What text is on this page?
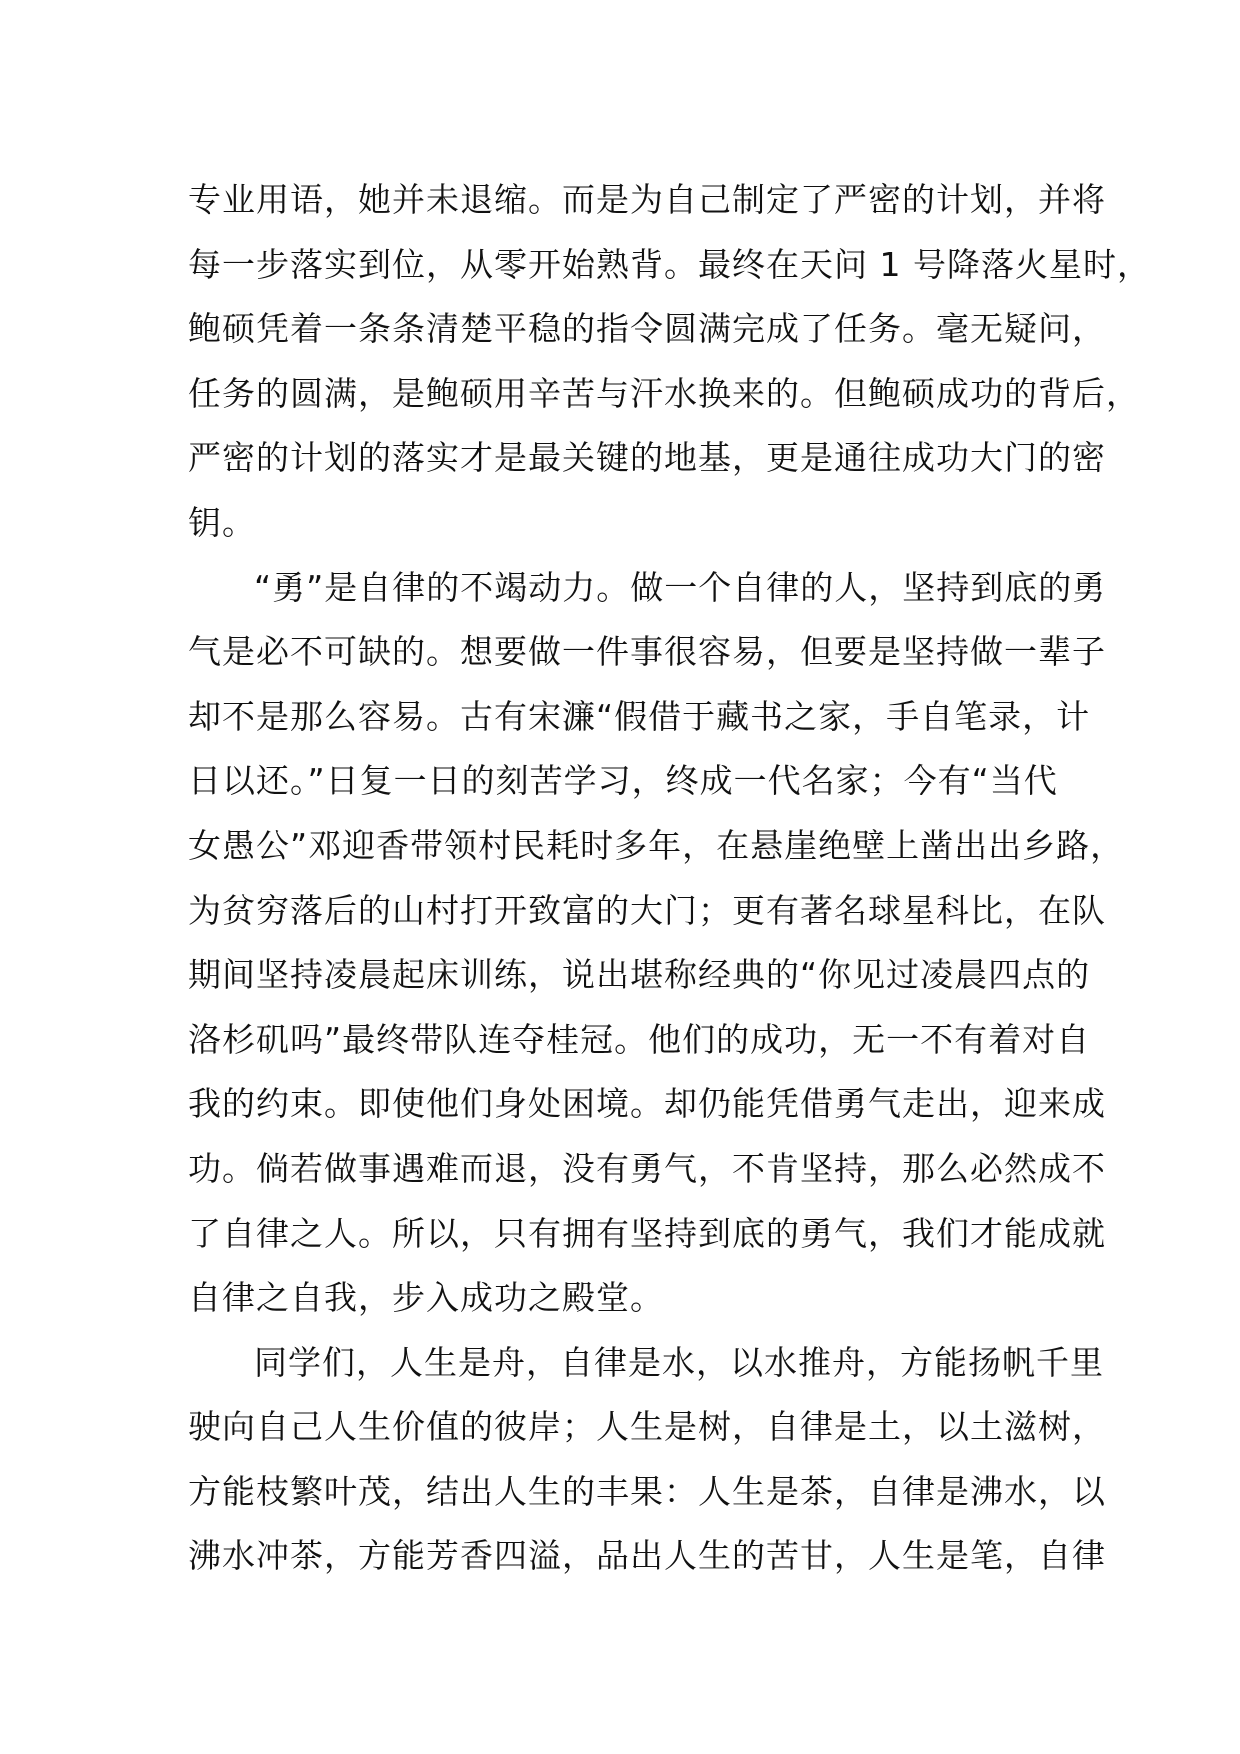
专业用语，她并未退缩。而是为自己制定了严密的计划，并将
每一步落实到位，从零开始熟背。最终在天问 1 号降落火星时，
鲍硕凭着一条条清楚平稳的指令圆满完成了任务。毫无疑问，
任务的圆满，是鲍硕用辛苦与汗水换来的。但鲍硕成功的背后，
严密的计划的落实才是最关键的地基，更是通往成功大门的密
钥。
“勇”是自律的不竭动力。做一个自律的人，坚持到底的勇
气是必不可缺的。想要做一件事很容易，但要是坚持做一辈子
却不是那么容易。古有宋濂“假借于藏书之家，手自笔录，计
日以还。”日复一日的刻苦学习，终成一代名家；今有“当代
女愚公”邓迎香带领村民耗时多年，在悬崖绝壁上凿出出乡路，
为贫穷落后的山村打开致富的大门；更有著名球星科比，在队
期间坚持凌晨起床训练，说出堪称经典的“你见过凌晨四点的
洛杉矶吗”最终带队连夺桂冠。他们的成功，无一不有着对自
我的约束。即使他们身处困境。却仍能凭借勇气走出，迎来成
功。倘若做事遇难而退，没有勇气，不肯坚持，那么必然成不
了自律之人。所以，只有拥有坚持到底的勇气，我们才能成就
自律之自我，步入成功之殿堂。
同学们，人生是舟，自律是水，以水推舟，方能扬帆千里
驶向自己人生价值的彼岸；人生是树，自律是土，以土滋树，
方能枝繁叶茂，结出人生的丰果：人生是茶，自律是沸水，以
沸水冲茶，方能芳香四溢，品出人生的苦甘，人生是笔，自律
